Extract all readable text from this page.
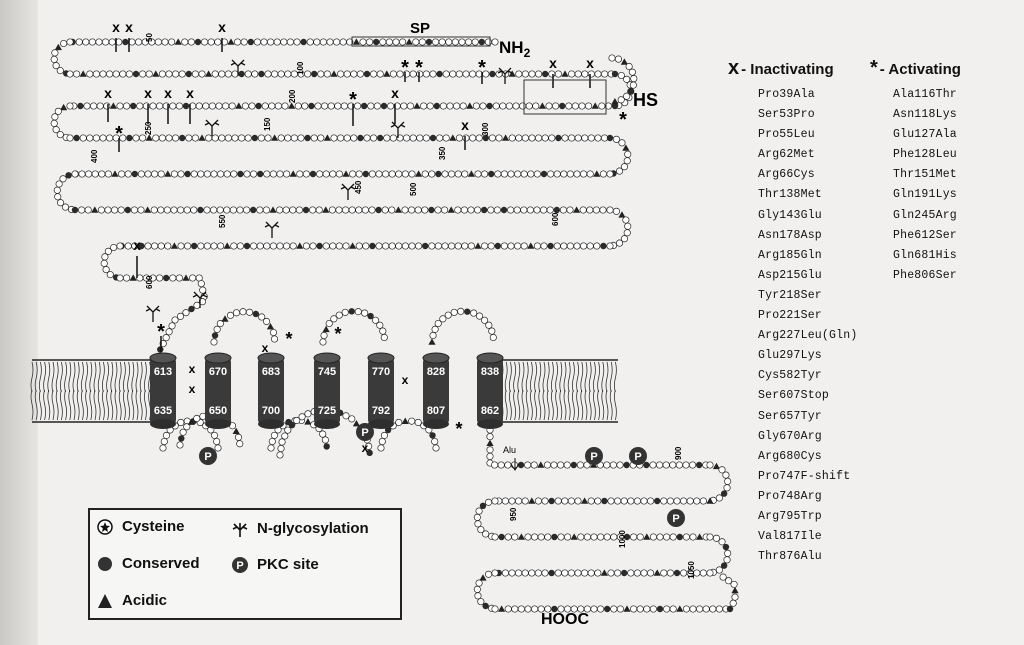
613
635
670
650
683
700
745
725
770
792
828
807
838
862
x x	x
x x x x	x
x x
x
x
* *	*
*
*
*
*
P
P
P	P
P
x
x
x
x
x
*
*
*
SP
$NH_2$
HS
HOOC
Alu
50
100
150
200
250	300
350
400
450	500
550	600
600
900
950
1000
1050
x - Inactivating * - Activating
Pro39Ala
Ser53Pro
Pro55Leu
Arg62Met
Arg66Cys
Thr138Met
Gly143Glu
Asn178Asp
Arg185Gln
Asp215Glu
Tyr218Ser
Pro221Ser
Arg227Leu(Gln)
Glu297Lys
Cys582Tyr
Ser607Stop
Ser657Tyr
Gly670Arg
Arg680Cys
Pro747F-shift
Pro748Arg
Arg795Trp
Val817Ile
Thr876Alu
Ala116Thr
Asn118Lys
Glu127Ala
Phe128Leu
Thr151Met
Gln191Lys
Gln245Arg
Phe612Ser
Gln681His
Phe806Ser
Cysteine
Conserved
Acidic
N-glycosylation
P PKC site
